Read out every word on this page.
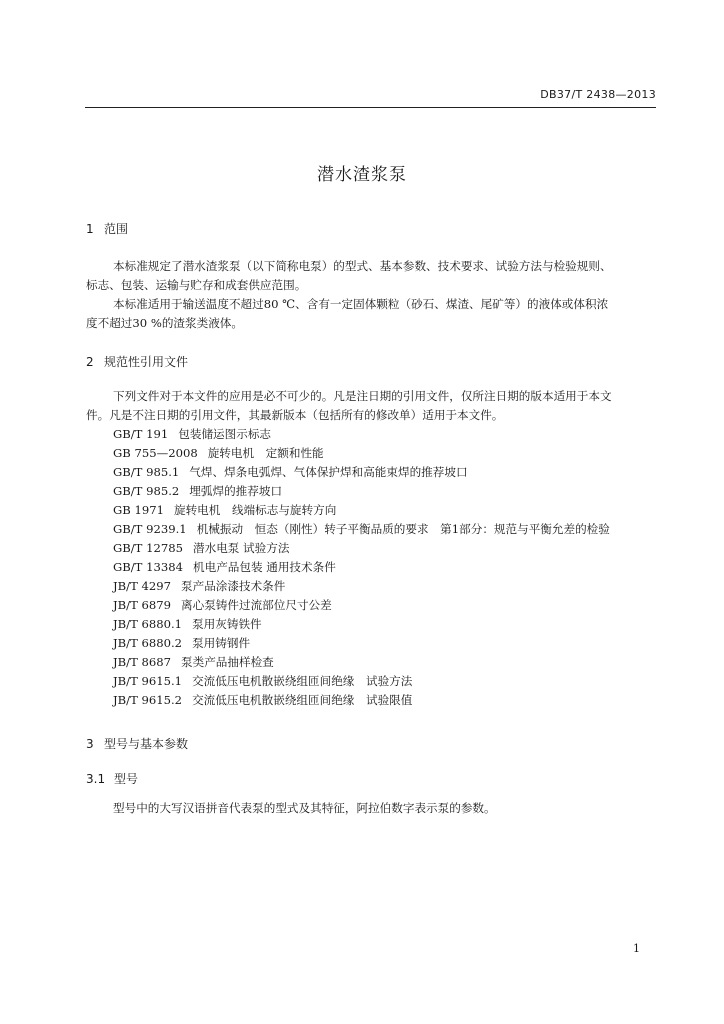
DB37/T 2438—2013
潜水渣浆泵
1 范围
本标准规定了潜水渣浆泵（以下简称电泵）的型式、基本参数、技术要求、试验方法与检验规则、
标志、包装、运输与贮存和成套供应范围。
本标准适用于输送温度不超过80 ℃、含有一定固体颗粒（砂石、煤渣、尾矿等）的液体或体积浓
度不超过30 %的渣浆类液体。
2 规范性引用文件
下列文件对于本文件的应用是必不可少的。凡是注日期的引用文件，仅所注日期的版本适用于本文
件。凡是不注日期的引用文件，其最新版本（包括所有的修改单）适用于本文件。
GB/T 191 包装储运图示标志
GB 755—2008 旋转电机　定额和性能
GB/T 985.1 气焊、焊条电弧焊、气体保护焊和高能束焊的推荐坡口
GB/T 985.2 埋弧焊的推荐坡口
GB 1971 旋转电机　线端标志与旋转方向
GB/T 9239.1 机械振动　恒态（刚性）转子平衡品质的要求　第1部分：规范与平衡允差的检验
GB/T 12785 潜水电泵 试验方法
GB/T 13384 机电产品包装 通用技术条件
JB/T 4297 泵产品涂漆技术条件
JB/T 6879 离心泵铸件过流部位尺寸公差
JB/T 6880.1 泵用灰铸铁件
JB/T 6880.2 泵用铸钢件
JB/T 8687 泵类产品抽样检查
JB/T 9615.1 交流低压电机散嵌绕组匝间绝缘　试验方法
JB/T 9615.2 交流低压电机散嵌绕组匝间绝缘　试验限值
3 型号与基本参数
3.1 型号
型号中的大写汉语拼音代表泵的型式及其特征，阿拉伯数字表示泵的参数。
1
